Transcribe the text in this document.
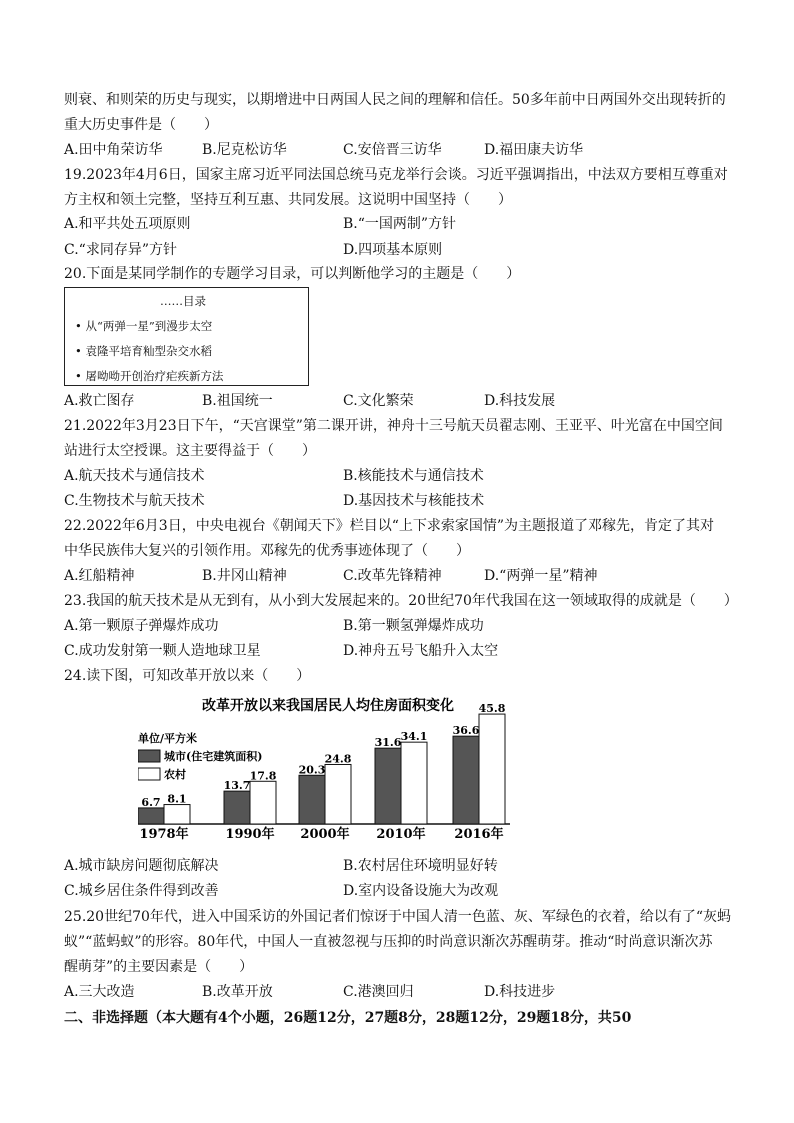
则衰、和则荣的历史与现实，以期增进中日两国人民之间的理解和信任。50多年前中日两国外交出现转折的
重大历史事件是（　　）
A.田中角荣访华	B.尼克松访华	C.安倍晋三访华	D.福田康夫访华
19.2023年4月6日，国家主席习近平同法国总统马克龙举行会谈。习近平强调指出，中法双方要相互尊重对
方主权和领土完整，坚持互利互惠、共同发展。这说明中国坚持（　　）
A.和平共处五项原则	B.“一国两制”方针
C.“求同存异”方针	D.四项基本原则
20.下面是某同学制作的专题学习目录，可以判断他学习的主题是（　　）
……目录
• 从“两弹一星”到漫步太空
• 袁隆平培育籼型杂交水稻
• 屠呦呦开创治疗疟疾新方法
A.救亡图存	B.祖国统一	C.文化繁荣	D.科技发展
21.2022年3月23日下午，“天宫课堂”第二课开讲，神舟十三号航天员翟志刚、王亚平、叶光富在中国空间
站进行太空授课。这主要得益于（　　）
A.航天技术与通信技术	B.核能技术与通信技术
C.生物技术与航天技术	D.基因技术与核能技术
22.2022年6月3日，中央电视台《朝闻天下》栏目以“上下求索家国情”为主题报道了邓稼先，肯定了其对
中华民族伟大复兴的引领作用。邓稼先的优秀事迹体现了（　　）
A.红船精神	B.井冈山精神	C.改革先锋精神	D.“两弹一星”精神
23.我国的航天技术是从无到有，从小到大发展起来的。20世纪70年代我国在这一领域取得的成就是（　　）
A.第一颗原子弹爆炸成功	B.第一颗氢弹爆炸成功
C.成功发射第一颗人造地球卫星	D.神舟五号飞船升入太空
24.读下图，可知改革开放以来（　　）
改革开放以来我国居民人均住房面积变化
单位/平方米
城市(住宅建筑面积)
农村
6.7 8.1
1978年
13.7
17.8
1990年
20.3
24.8
2000年
31.6 34.1
2010年
36.6
45.8
2016年
A.城市缺房问题彻底解决	B.农村居住环境明显好转
C.城乡居住条件得到改善	D.室内设备设施大为改观
25.20世纪70年代，进入中国采访的外国记者们惊讶于中国人清一色蓝、灰、军绿色的衣着，给以有了“灰蚂
蚁”“蓝蚂蚁”的形容。80年代，中国人一直被忽视与压抑的时尚意识渐次苏醒萌芽。推动“时尚意识渐次苏
醒萌芽”的主要因素是（　　）
A.三大改造	B.改革开放	C.港澳回归	D.科技进步
二、非选择题（本大题有4个小题，26题12分，27题8分，28题12分，29题18分，共50
